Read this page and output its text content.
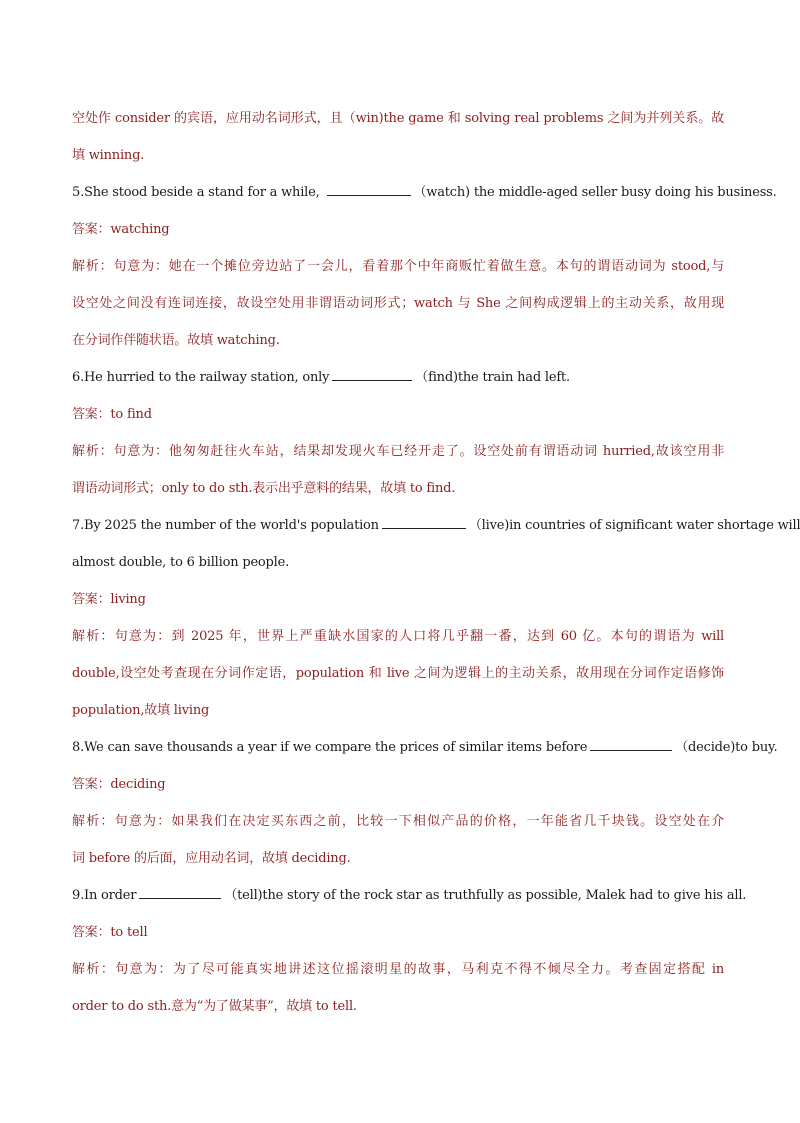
空处作 consider 的宾语，应用动名词形式，且（win)the game 和 solving real problems 之间为并列关系。故
填 winning.
5.She stood beside a stand for a while,	（watch) the middle-aged seller busy doing his business.
答案：watching
解析：句意为：她在一个摊位旁边站了一会儿，看着那个中年商贩忙着做生意。本句的谓语动词为 stood,与
设空处之间没有连词连接，故设空处用非谓语动词形式；watch 与 She 之间构成逻辑上的主动关系，故用现
在分词作伴随状语。故填 watching.
6.He hurried to the railway station, only	（find)the train had left.
答案：to find
解析：句意为：他匆匆赶往火车站，结果却发现火车已经开走了。设空处前有谓语动词 hurried,故该空用非
谓语动词形式；only to do sth.表示出乎意料的结果，故填 to find.
7.By 2025 the number of the world's population	（live)in countries of significant water shortage will
almost double, to 6 billion people.
答案：living
解析：句意为：到 2025 年，世界上严重缺水国家的人口将几乎翻一番，达到 60 亿。本句的谓语为 will
double,设空处考查现在分词作定语，population 和 live 之间为逻辑上的主动关系，故用现在分词作定语修饰
population,故填 living
8.We can save thousands a year if we compare the prices of similar items before	（decide)to buy.
答案：deciding
解析：句意为：如果我们在决定买东西之前，比较一下相似产品的价格，一年能省几千块钱。设空处在介
词 before 的后面，应用动名词，故填 deciding.
9.In order	（tell)the story of the rock star as truthfully as possible, Malek had to give his all.
答案：to tell
解析：句意为：为了尽可能真实地讲述这位摇滚明星的故事，马利克不得不倾尽全力。考查固定搭配 in
order to do sth.意为“为了做某事”，故填 to tell.
